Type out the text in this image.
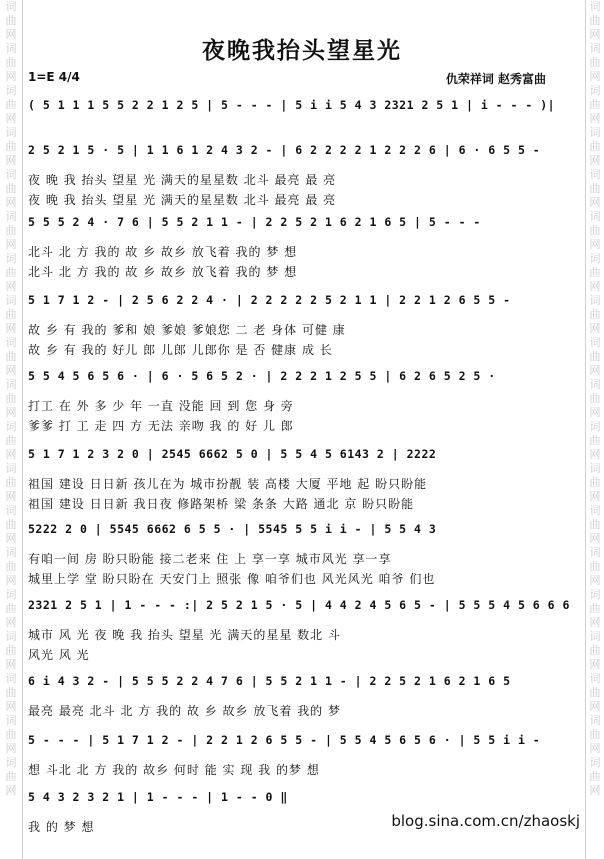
词
曲
网
词
曲
网
词
曲
网
词
曲
网
词
曲
网
词
曲
网
词
曲
网
词
曲
网
词
曲
网
词
曲
网
词
曲
网
词
曲
网
词
曲
网
词
曲
网
词
曲
网
词
曲
网
词
曲
网
词
曲
网
词
曲
网
词
曲
网
词
曲
网
词
曲
网
词
曲
网
词
曲
网
词
曲
网
词
曲
网
词
曲
网
词
曲
网
词
曲
网
词
曲
网
词
曲
网
词
曲
网
词
曲
网
词
曲
网
词
曲
网
词
曲
网
词
曲
网
词
曲
网
夜晚我抬头望星光
1=E 4/4	仇荣祥词 赵秀富曲
( 5 1 1 1 5 5 2 2 1 2 5 | 5 - - - | 5 i i 5 4 3 2321 2 5 1 | i - - - )|
2 5 2 1 5 · 5 | 1 1 6 1 2 4 3 2 - | 6 2 2 2 2 1 2 2 2 6 | 6 · 6 5 5 -
夜 晚 我 抬头 望星 光 满天的星星数 北斗 最亮 最 亮
夜 晚 我 抬头 望星 光 满天的星星数 北斗 最亮 最 亮
5 5 5 2 4 · 7 6 | 5 5 2 1 1 - | 2 2 5 2 1 6 2 1 6 5 | 5 - - -
北斗 北 方 我的 故 乡 故乡 放飞着 我的 梦 想
北斗 北 方 我的 故 乡 故乡 放飞着 我的 梦 想
5 1 7 1 2 - | 2 5 6 2 2 4 · | 2 2 2 2 2 5 2 1 1 | 2 2 1 2 6 5 5 -
故 乡 有 我的 爹和 娘 爹娘 爹娘您 二 老 身体 可健 康
故 乡 有 我的 好儿 郎 儿郎 儿郎你 是 否 健康 成 长
5 5 4 5 6 5 6 · | 6 · 5 6 5 2 · | 2 2 2 1 2 5 5 | 6 2 6 5 2 5 ·
打工 在 外 多 少 年 一直 没能 回 到 您 身 旁
爹爹 打 工 走 四 方 无法 亲吻 我 的 好 儿 郎
5 1 7 1 2 3 2 0 | 2545 6662 5 0 | 5 5 4 5 6143 2 | 2222
祖国 建设 日日新 孩儿在为 城市扮靓 装 高楼 大厦 平地 起 盼只盼能
祖国 建设 日日新 我日夜 修路架桥 梁 条条 大路 通北 京 盼只盼能
5222 2 0 | 5545 6662 6 5 5 · | 5545 5 5 i i - | 5 5 4 3
有咱一间 房 盼只盼能 接二老来 住 上 享一享 城市风光 享一享
城里上学 堂 盼只盼在 天安门上 照张 像 咱爷们也 风光风光 咱爷 们也
2321 2 5 1 | 1 - - - :| 2 5 2 1 5 · 5 | 4 4 2 4 5 6 5 - | 5 5 5 4 5 6 6 6
城市 风 光 夜 晚 我 抬头 望星 光 满天的星星 数北 斗
风光 风 光
6 i 4 3 2 - | 5 5 5 2 2 4 7 6 | 5 5 2 1 1 - | 2 2 5 2 1 6 2 1 6 5
最亮 最亮 北斗 北 方 我的 故 乡 故乡 放飞着 我的 梦
5 - - - | 5 1 7 1 2 - | 2 2 1 2 6 5 5 - | 5 5 4 5 6 5 6 · | 5 5 i i -
想 斗北 北 方 我的 故乡 何时 能 实 现 我 的梦 想
5 4 3 2 3 2 1 | 1 - - - | 1 - - 0 ‖
我 的 梦 想	blog.sina.com.cn/zhaoskj
